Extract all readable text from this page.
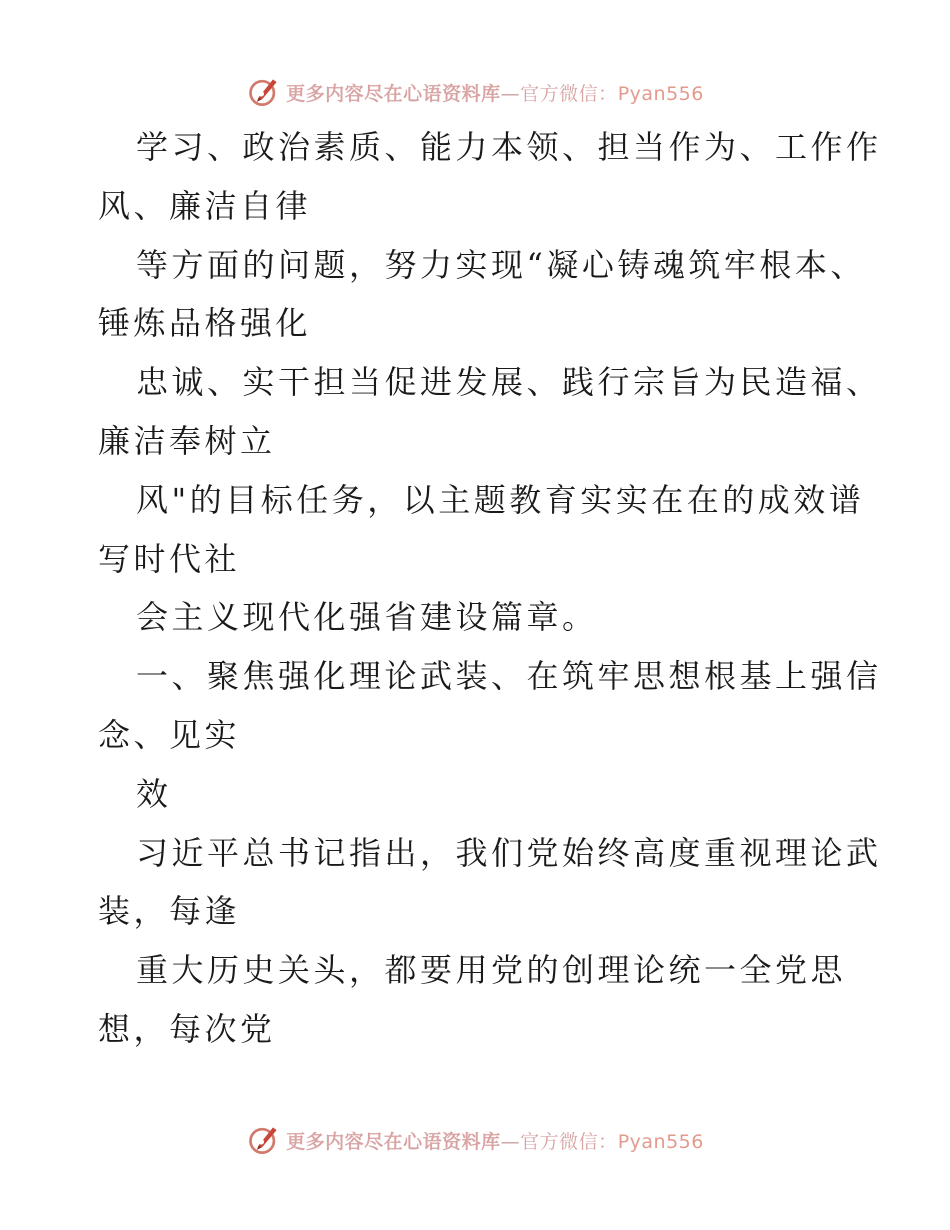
更多内容尽在心语资料库—官方微信：Pyan556
学习、政治素质、能力本领、担当作为、工作作
风、廉洁自律
等方面的问题，努力实现“凝心铸魂筑牢根本、
锤炼品格强化
忠诚、实干担当促进发展、践行宗旨为民造福、
廉洁奉树立
风"的目标任务，以主题教育实实在在的成效谱
写时代社
会主义现代化强省建设篇章。
一、聚焦强化理论武装、在筑牢思想根基上强信
念、见实
效
习近平总书记指出，我们党始终高度重视理论武
装，每逢
重大历史关头，都要用党的创理论统一全党思
想，每次党
更多内容尽在心语资料库—官方微信：Pyan556
